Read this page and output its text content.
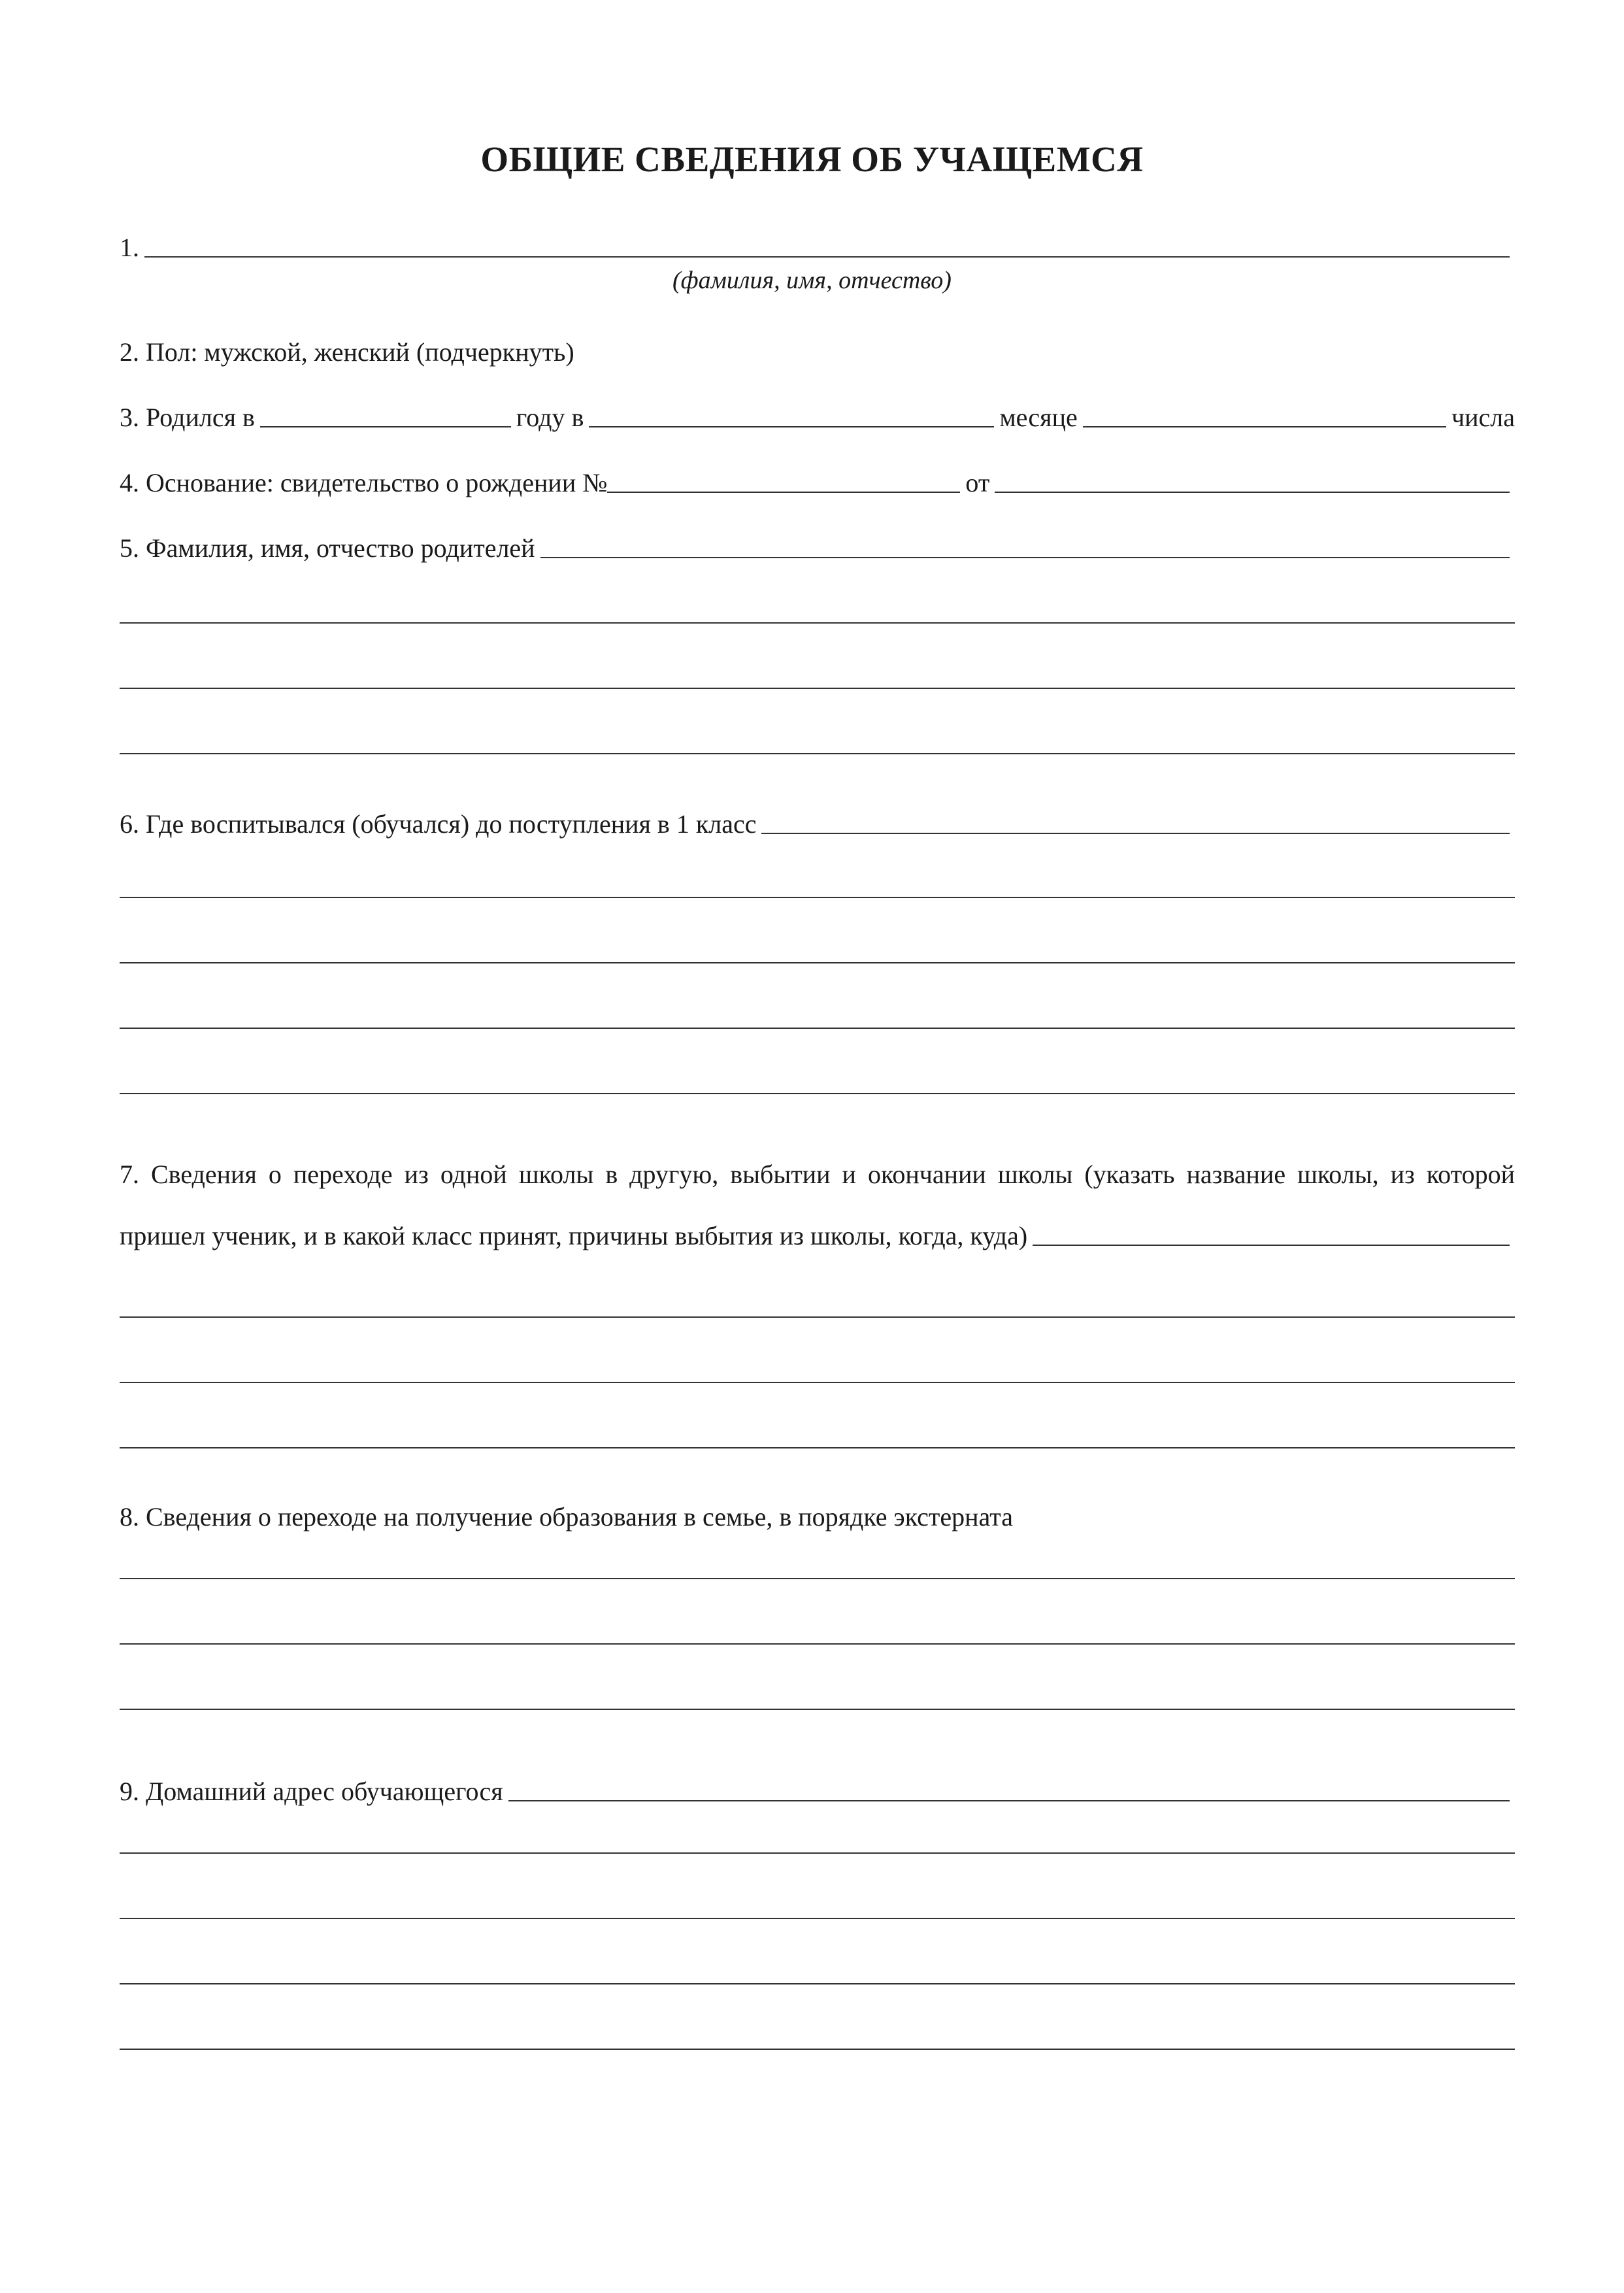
ОБЩИЕ СВЕДЕНИЯ ОБ УЧАЩЕМСЯ
1.
(фамилия, имя, отчество)
2. Пол: мужской, женский (подчеркнуть)
3. Родился в	году в	месяце	числа
4. Основание: свидетельство о рождении №	от
5. Фамилия, имя, отчество родителей
6. Где воспитывался (обучался) до поступления в 1 класс
7. Сведения о переходе из одной школы в другую, выбытии и окончании школы (указать название школы, из которой
пришел ученик, и в какой класс принят, причины выбытия из школы, когда, куда)
8. Сведения о переходе на получение образования в семье, в порядке экстерната
9. Домашний адрес обучающегося
